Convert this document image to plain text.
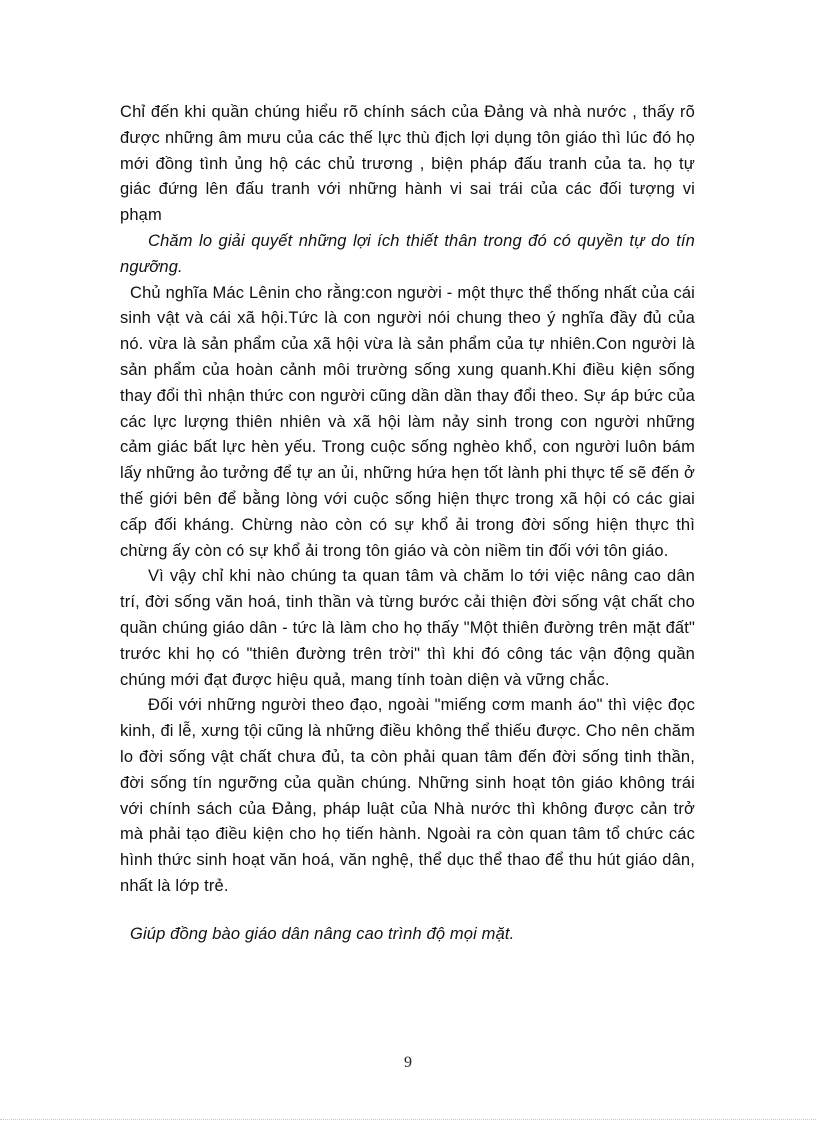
Chỉ đến khi quần chúng hiểu rõ chính sách của Đảng và nhà nước , thấy rõ được những âm mưu của các thế lực thù địch lợi dụng tôn giáo thì lúc đó họ mới đồng tình ủng hộ các chủ trương , biện pháp đấu tranh của ta. họ tự giác đứng lên đấu tranh với những hành vi sai trái của các đối tượng vi phạm

Chăm lo giải quyết những lợi ích thiết thân trong đó có quyền tự do tín ngưỡng.

Chủ nghĩa Mác Lênin cho rằng:con người - một thực thể thống nhất của cái sinh vật và cái xã hội.Tức là con người nói chung theo ý nghĩa đầy đủ của nó. vừa là sản phẩm của xã hội vừa là sản phẩm của tự nhiên.Con người là sản phẩm của hoàn cảnh môi trường sống xung quanh.Khi điều kiện sống thay đổi thì nhận thức con người cũng dần dần thay đổi theo. Sự áp bức của các lực lượng thiên nhiên và xã hội làm nảy sinh trong con người những cảm giác bất lực hèn yếu. Trong cuộc sống nghèo khổ, con người luôn bám lấy những ảo tưởng để tự an ủi, những hứa hẹn tốt lành phi thực tế sẽ đến ở thế giới bên để bằng lòng với cuộc sống hiện thực trong xã hội có các giai cấp đối kháng. Chừng nào còn có sự khổ ải trong đời sống hiện thực thì chừng ấy còn có sự khổ ải trong tôn giáo và còn niềm tin đối với tôn giáo.

Vì vậy chỉ khi nào chúng ta quan tâm và chăm lo tới việc nâng cao dân trí, đời sống văn hoá, tinh thần và từng bước cải thiện đời sống vật chất cho quần chúng giáo dân - tức là làm cho họ thấy "Một thiên đường trên mặt đất" trước khi họ có "thiên đường trên trời" thì khi đó công tác vận động quần chúng mới đạt được hiệu quả, mang tính toàn diện và vững chắc.

Đối với những người theo đạo, ngoài "miếng cơm manh áo" thì việc đọc kinh, đi lễ, xưng tội cũng là những điều không thể thiếu được. Cho nên chăm lo đời sống vật chất chưa đủ, ta còn phải quan tâm đến đời sống tinh thần, đời sống tín ngưỡng của quần chúng. Những sinh hoạt tôn giáo không trái với chính sách của Đảng, pháp luật của Nhà nước thì không được cản trở mà phải tạo điều kiện cho họ tiến hành. Ngoài ra còn quan tâm tổ chức các hình thức sinh hoạt văn hoá, văn nghệ, thể dục thể thao để thu hút giáo dân, nhất là lớp trẻ.

Giúp đồng bào giáo dân nâng cao trình độ mọi mặt.

9
